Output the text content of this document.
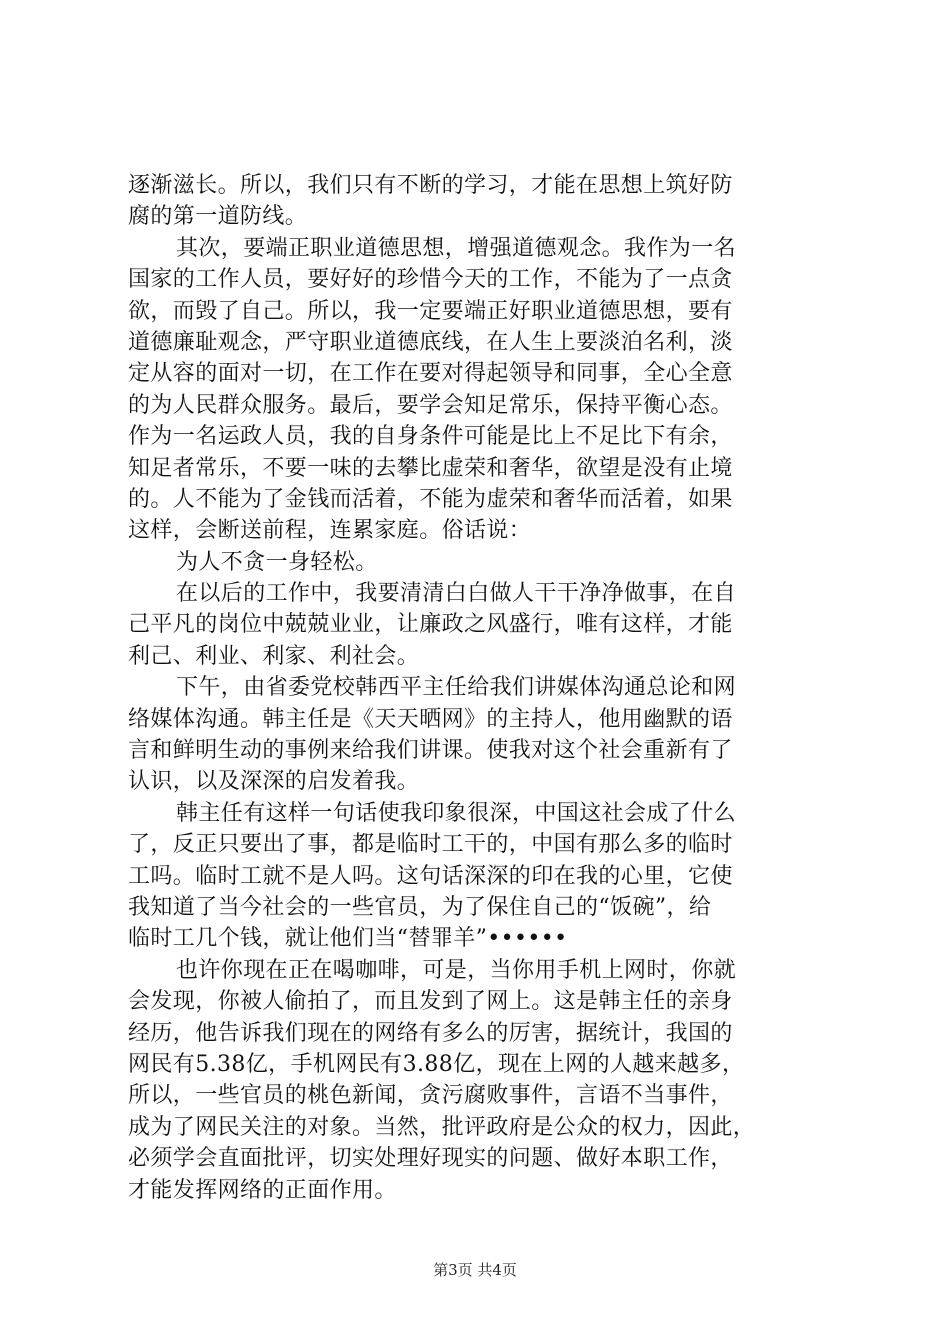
逐渐滋长。所以，我们只有不断的学习，才能在思想上筑好防
腐的第一道防线。
其次，要端正职业道德思想，增强道德观念。我作为一名
国家的工作人员，要好好的珍惜今天的工作，不能为了一点贪
欲，而毁了自己。所以，我一定要端正好职业道德思想，要有
道德廉耻观念，严守职业道德底线，在人生上要淡泊名利，淡
定从容的面对一切，在工作在要对得起领导和同事，全心全意
的为人民群众服务。最后，要学会知足常乐，保持平衡心态。
作为一名运政人员，我的自身条件可能是比上不足比下有余，
知足者常乐，不要一味的去攀比虚荣和奢华，欲望是没有止境
的。人不能为了金钱而活着，不能为虚荣和奢华而活着，如果
这样，会断送前程，连累家庭。俗话说：
为人不贪一身轻松。
在以后的工作中，我要清清白白做人干干净净做事，在自
己平凡的岗位中兢兢业业，让廉政之风盛行，唯有这样，才能
利己、利业、利家、利社会。
下午，由省委党校韩西平主任给我们讲媒体沟通总论和网
络媒体沟通。韩主任是《天天晒网》的主持人，他用幽默的语
言和鲜明生动的事例来给我们讲课。使我对这个社会重新有了
认识，以及深深的启发着我。
韩主任有这样一句话使我印象很深，中国这社会成了什么
了，反正只要出了事，都是临时工干的，中国有那么多的临时
工吗。临时工就不是人吗。这句话深深的印在我的心里，它使
我知道了当今社会的一些官员，为了保住自己的“饭碗”，给
临时工几个钱，就让他们当“替罪羊”••••••
也许你现在正在喝咖啡，可是，当你用手机上网时，你就
会发现，你被人偷拍了，而且发到了网上。这是韩主任的亲身
经历，他告诉我们现在的网络有多么的厉害，据统计，我国的
网民有5.38亿，手机网民有3.88亿，现在上网的人越来越多，
所以，一些官员的桃色新闻，贪污腐败事件，言语不当事件，
成为了网民关注的对象。当然，批评政府是公众的权力，因此，
必须学会直面批评，切实处理好现实的问题、做好本职工作，
才能发挥网络的正面作用。
第3页 共4页
